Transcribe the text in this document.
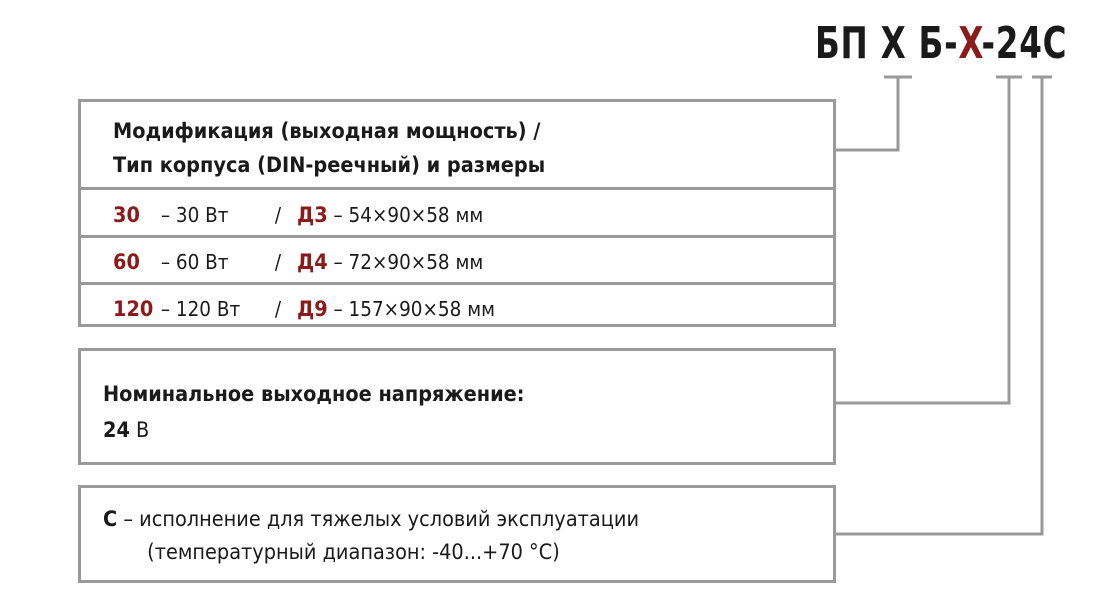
БП X Б-X-24С
Модификация (выходная мощность) /
Тип корпуса (DIN-реечный) и размеры
30 – 30 Вт / Д3 – 54×90×58 мм
60 – 60 Вт / Д4 – 72×90×58 мм
120 – 120 Вт / Д9 – 157×90×58 мм
Номинальное выходное напряжение:
24 В
С – исполнение для тяжелых условий эксплуатации
(температурный диапазон: -40...+70 °С)
